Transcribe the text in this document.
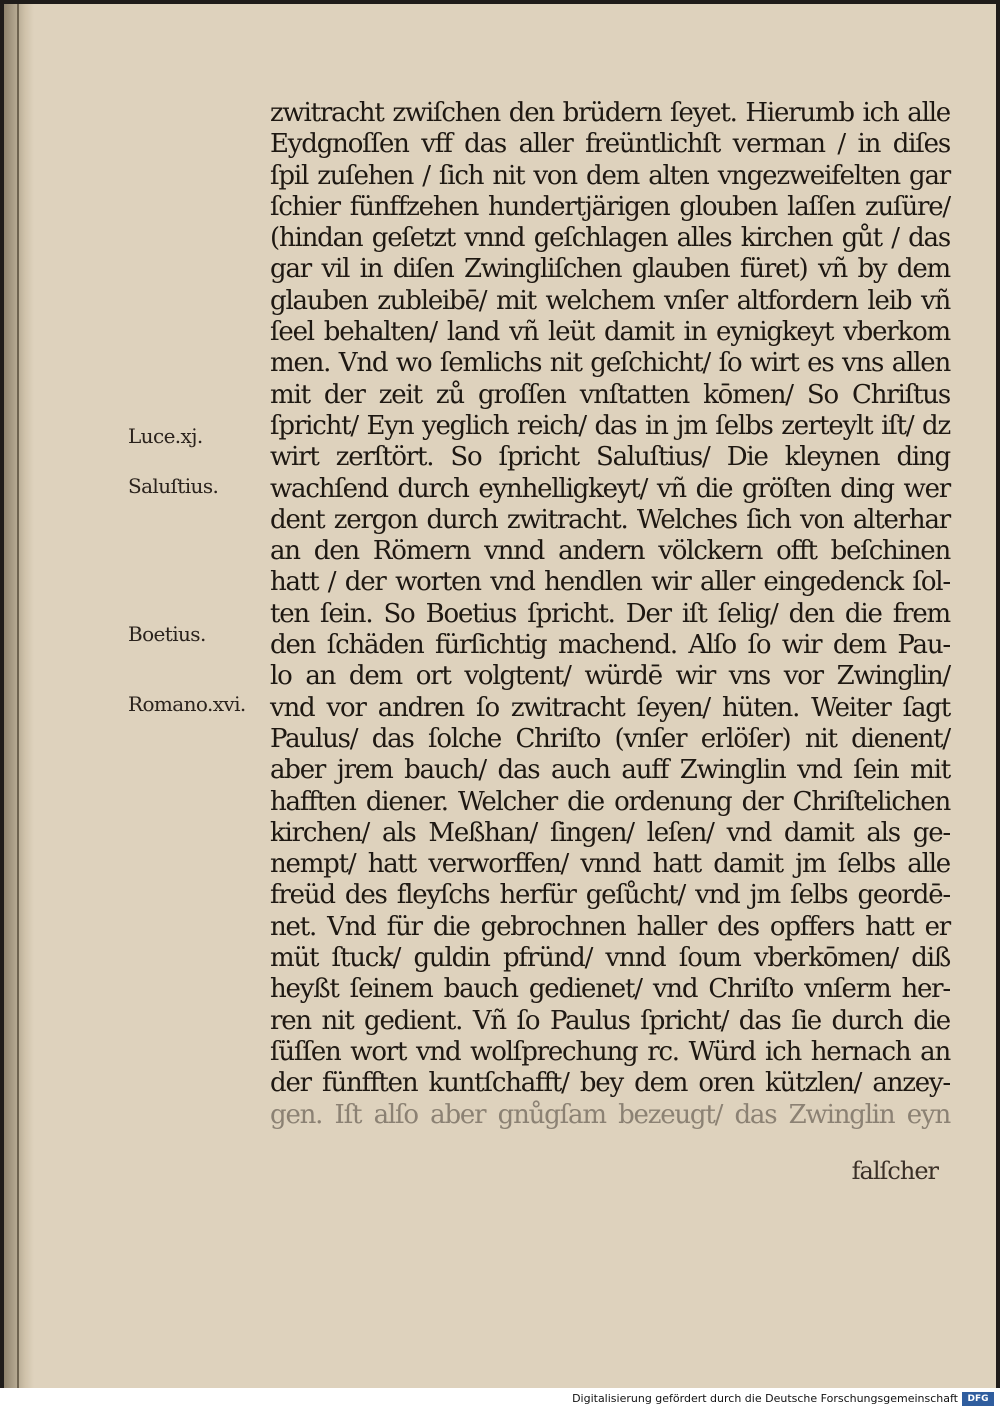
Luce.xj.
Saluſtius.
Boetius.
Romano.xvi.
zwitracht zwiſchen den brüdern ſeyet. Hierumb ich alle
Eydgnoſſen vff das aller freüntlichſt verman / in diſes
ſpil zuſehen / ſich nit von dem alten vngezweifelten gar
ſchier fünffzehen hundertjärigen glouben laſſen zuſüre/
(hindan geſetzt vnnd geſchlagen alles kirchen gůt / das
gar vil in diſen Zwingliſchen glauben füret) vñ by dem
glauben zubleibē/ mit welchem vnſer altfordern leib vñ
ſeel behalten/ land vñ leüt damit in eynigkeyt vberkom
men. Vnd wo ſemlichs nit geſchicht/ ſo wirt es vns allen
mit der zeit zů groſſen vnſtatten kōmen/ So Chriſtus
ſpricht/ Eyn yeglich reich/ das in jm ſelbs zerteylt iſt/ dz
wirt zerſtört. So ſpricht Saluſtius/ Die kleynen ding
wachſend durch eynhelligkeyt/ vñ die gröſten ding wer
dent zergon durch zwitracht. Welches ſich von alterhar
an den Römern vnnd andern völckern offt beſchinen
hatt / der worten vnd hendlen wir aller eingedenck ſol-
ten ſein. So Boetius ſpricht. Der iſt ſelig/ den die frem
den ſchäden fürſichtig machend. Alſo ſo wir dem Pau-
lo an dem ort volgtent/ würdē wir vns vor Zwinglin/
vnd vor andren ſo zwitracht ſeyen/ hüten. Weiter ſagt
Paulus/ das ſolche Chriſto (vnſer erlöſer) nit dienent/
aber jrem bauch/ das auch auff Zwinglin vnd ſein mit
hafften diener. Welcher die ordenung der Chriſtelichen
kirchen/ als Meßhan/ ſingen/ leſen/ vnd damit als ge-
nempt/ hatt verworffen/ vnnd hatt damit jm ſelbs alle
freüd des fleyſchs herfür geſůcht/ vnd jm ſelbs geordē-
net. Vnd für die gebrochnen haller des opffers hatt er
müt ſtuck/ guldin pfründ/ vnnd ſoum vberkōmen/ diß
heyßt ſeinem bauch gedienet/ vnd Chriſto vnſerm her-
ren nit gedient. Vñ ſo Paulus ſpricht/ das ſie durch die
ſüſſen wort vnd wolſprechung rc. Würd ich hernach an
der fünfften kuntſchafft/ bey dem oren kützlen/ anzey-
gen. Iſt alſo aber gnůgſam bezeugt/ das Zwinglin eyn
falſcher
Digitalisierung gefördert durch die Deutsche Forschungsgemeinschaft	DFG
